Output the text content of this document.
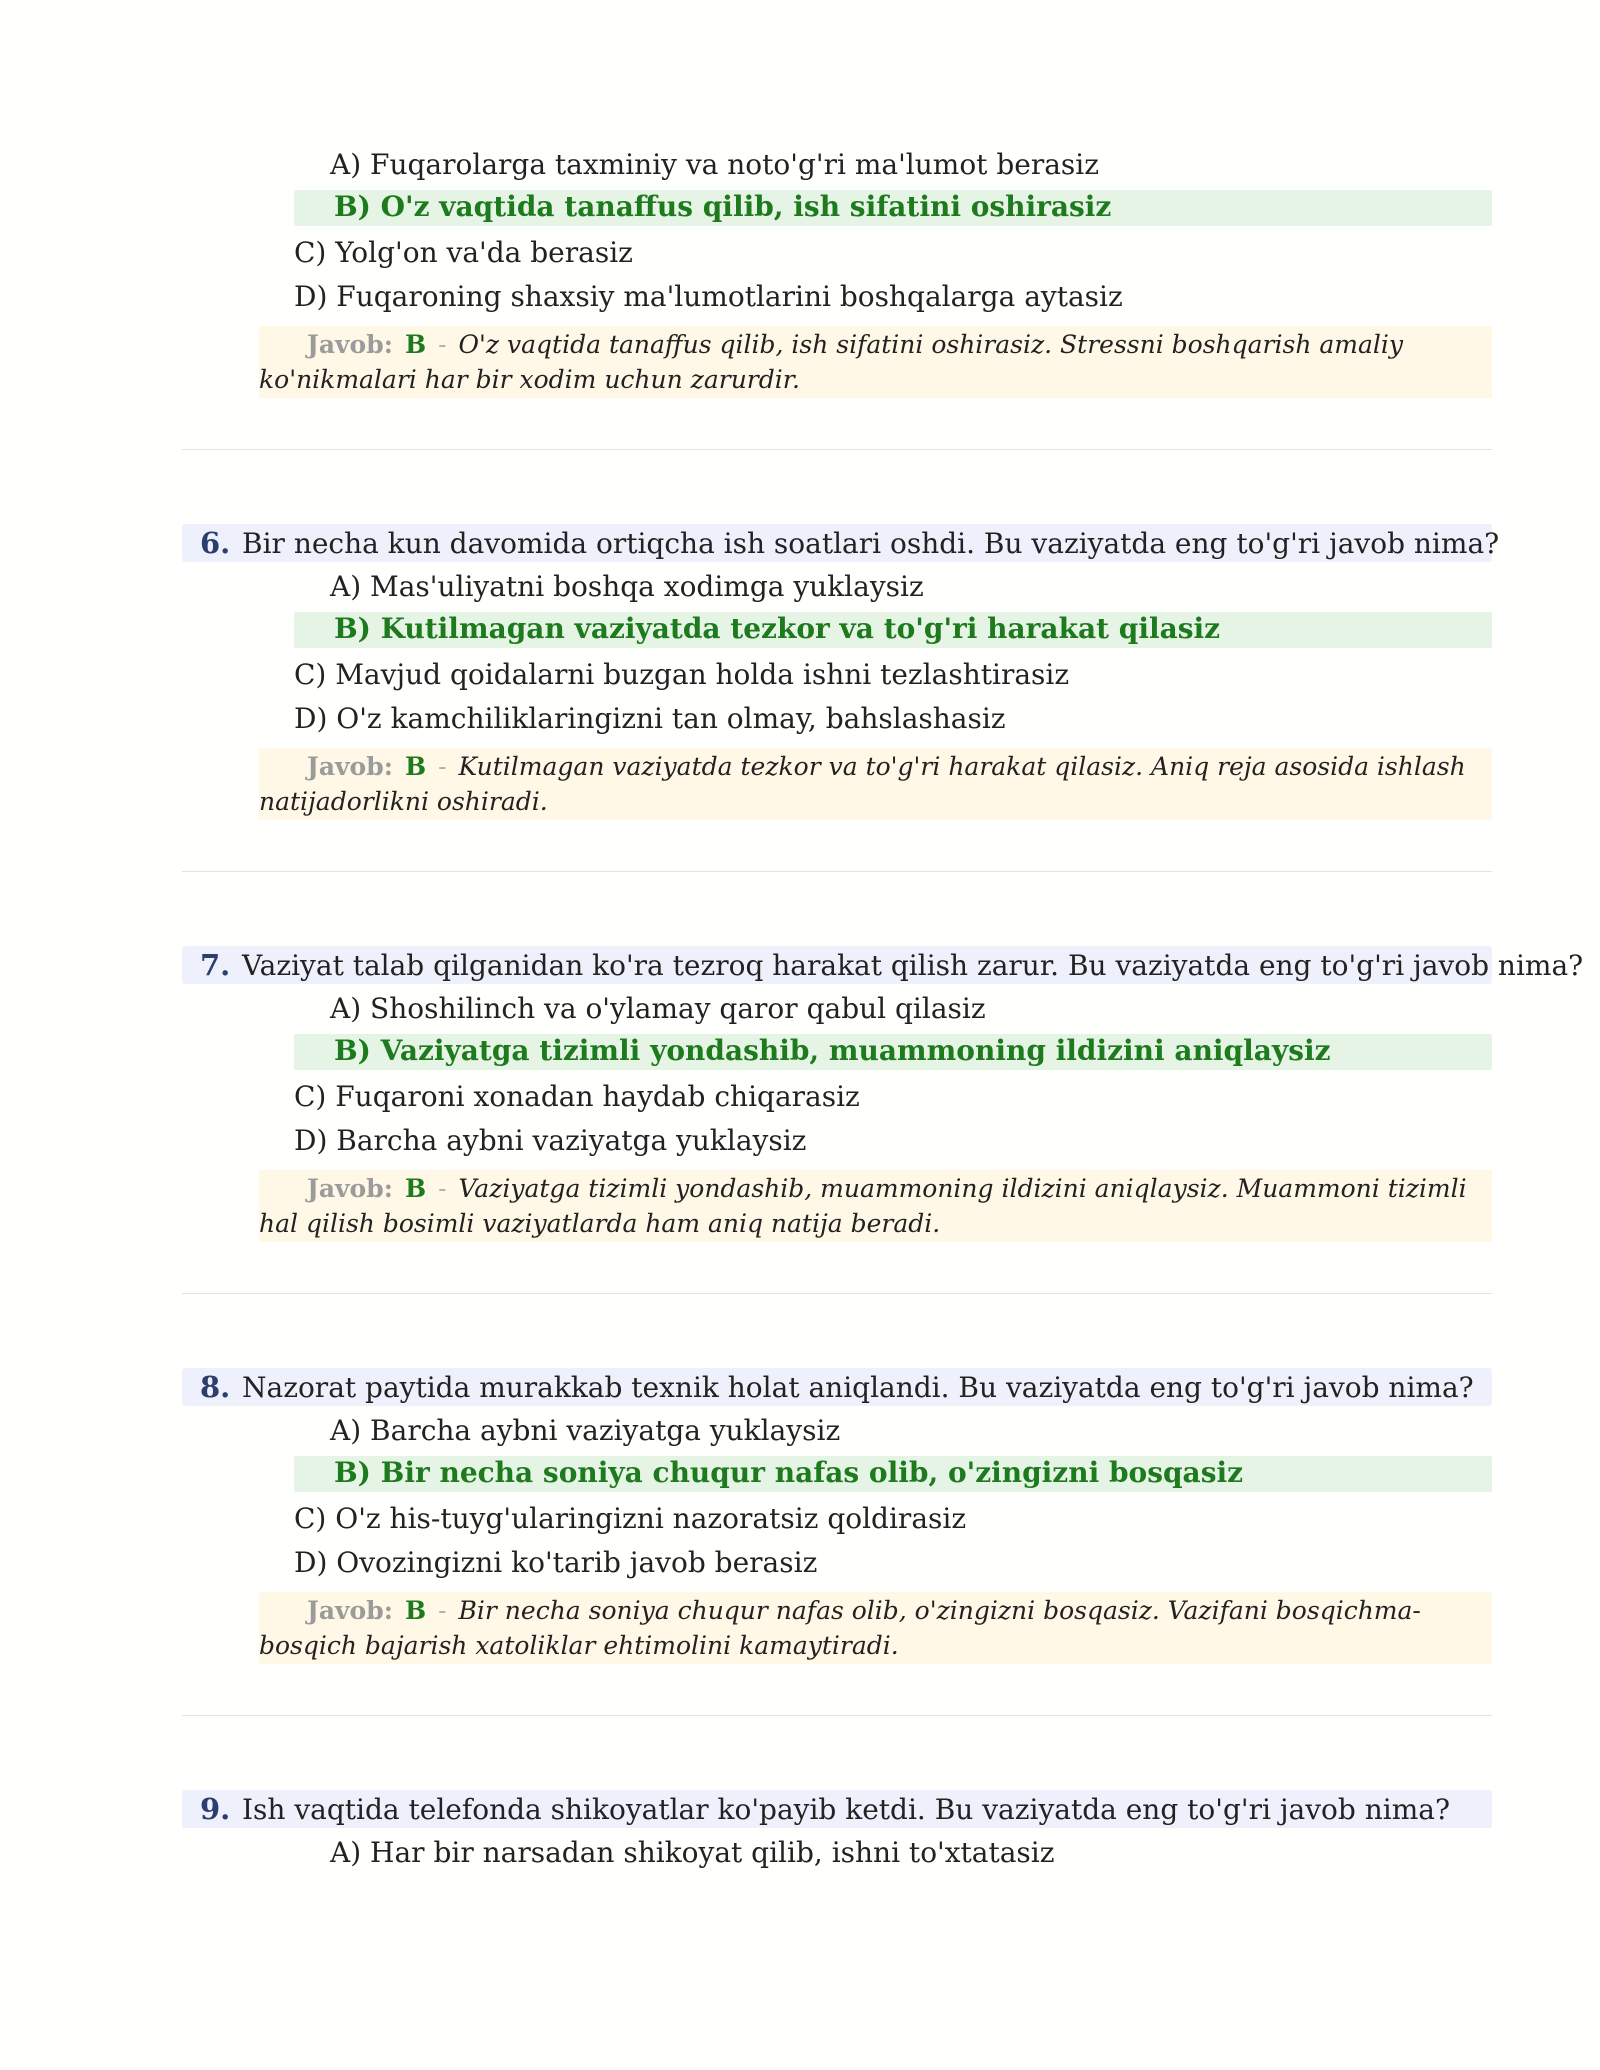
A) Fuqarolarga taxminiy va noto'g'ri ma'lumot berasiz
B) O'z vaqtida tanaffus qilib, ish sifatini oshirasiz
C) Yolg'on va'da berasiz
D) Fuqaroning shaxsiy ma'lumotlarini boshqalarga aytasiz
Javob: B - O'z vaqtida tanaffus qilib, ish sifatini oshirasiz. Stressni boshqarish amaliy ko'nikmalari har bir xodim uchun zarurdir.
6. Bir necha kun davomida ortiqcha ish soatlari oshdi. Bu vaziyatda eng to'g'ri javob nima?
A) Mas'uliyatni boshqa xodimga yuklaysiz
B) Kutilmagan vaziyatda tezkor va to'g'ri harakat qilasiz
C) Mavjud qoidalarni buzgan holda ishni tezlashtirasiz
D) O'z kamchiliklaringizni tan olmay, bahslashasiz
Javob: B - Kutilmagan vaziyatda tezkor va to'g'ri harakat qilasiz. Aniq reja asosida ishlash natijadorlikni oshiradi.
7. Vaziyat talab qilganidan ko'ra tezroq harakat qilish zarur. Bu vaziyatda eng to'g'ri javob nima?
A) Shoshilinch va o'ylamay qaror qabul qilasiz
B) Vaziyatga tizimli yondashib, muammoning ildizini aniqlaysiz
C) Fuqaroni xonadan haydab chiqarasiz
D) Barcha aybni vaziyatga yuklaysiz
Javob: B - Vaziyatga tizimli yondashib, muammoning ildizini aniqlaysiz. Muammoni tizimli hal qilish bosimli vaziyatlarda ham aniq natija beradi.
8. Nazorat paytida murakkab texnik holat aniqlandi. Bu vaziyatda eng to'g'ri javob nima?
A) Barcha aybni vaziyatga yuklaysiz
B) Bir necha soniya chuqur nafas olib, o'zingizni bosqasiz
C) O'z his-tuyg'ularingizni nazoratsiz qoldirasiz
D) Ovozingizni ko'tarib javob berasiz
Javob: B - Bir necha soniya chuqur nafas olib, o'zingizni bosqasiz. Vazifani bosqichma-bosqich bajarish xatoliklar ehtimolini kamaytiradi.
9. Ish vaqtida telefonda shikoyatlar ko'payib ketdi. Bu vaziyatda eng to'g'ri javob nima?
A) Har bir narsadan shikoyat qilib, ishni to'xtatasiz
